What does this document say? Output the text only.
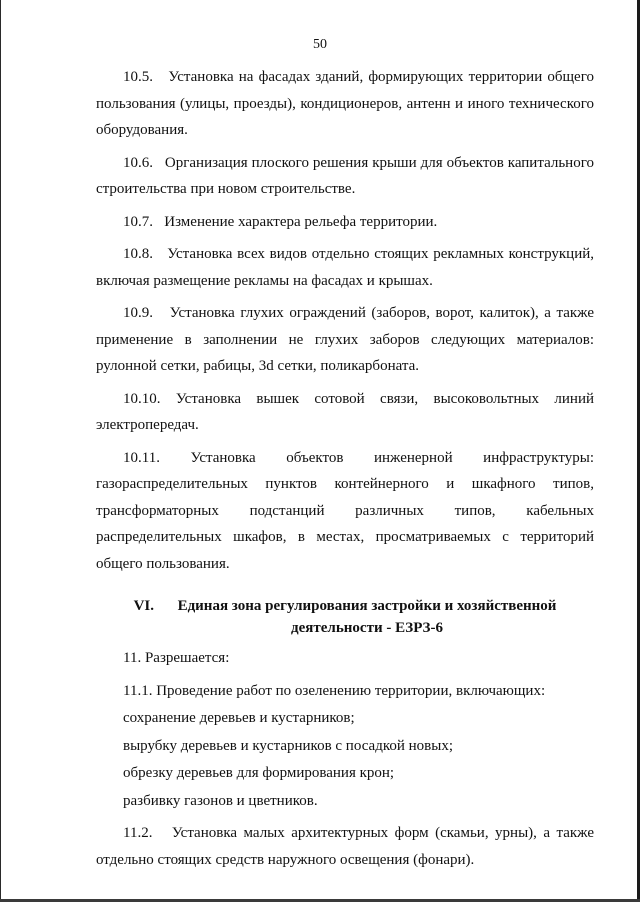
50

10.5.   Установка на фасадах зданий, формирующих территории общего пользования (улицы, проезды), кондиционеров, антенн и иного технического оборудования.

10.6.   Организация плоского решения крыши для объектов капитального строительства при новом строительстве.

10.7.   Изменение характера рельефа территории.

10.8.   Установка всех видов отдельно стоящих рекламных конструкций, включая размещение рекламы на фасадах и крышах.

10.9.   Установка глухих ограждений (заборов, ворот, калиток), а также применение в заполнении не глухих заборов следующих материалов: рулонной сетки, рабицы, 3d сетки, поликарбоната.

10.10. Установка вышек сотовой связи, высоковольтных линий электропередач.

10.11. Установка объектов инженерной инфраструктуры: газораспределительных пунктов контейнерного и шкафного типов, трансформаторных подстанций различных типов, кабельных распределительных шкафов, в местах, просматриваемых с территорий общего пользования.

VI.	Единая зона регулирования застройки и хозяйственной
деятельности - ЕЗРЗ-6

11. Разрешается:

11.1. Проведение работ по озеленению территории, включающих:

сохранение деревьев и кустарников;

вырубку деревьев и кустарников с посадкой новых;

обрезку деревьев для формирования крон;

разбивку газонов и цветников.

11.2.   Установка малых архитектурных форм (скамьи, урны), а также отдельно стоящих средств наружного освещения (фонари).
